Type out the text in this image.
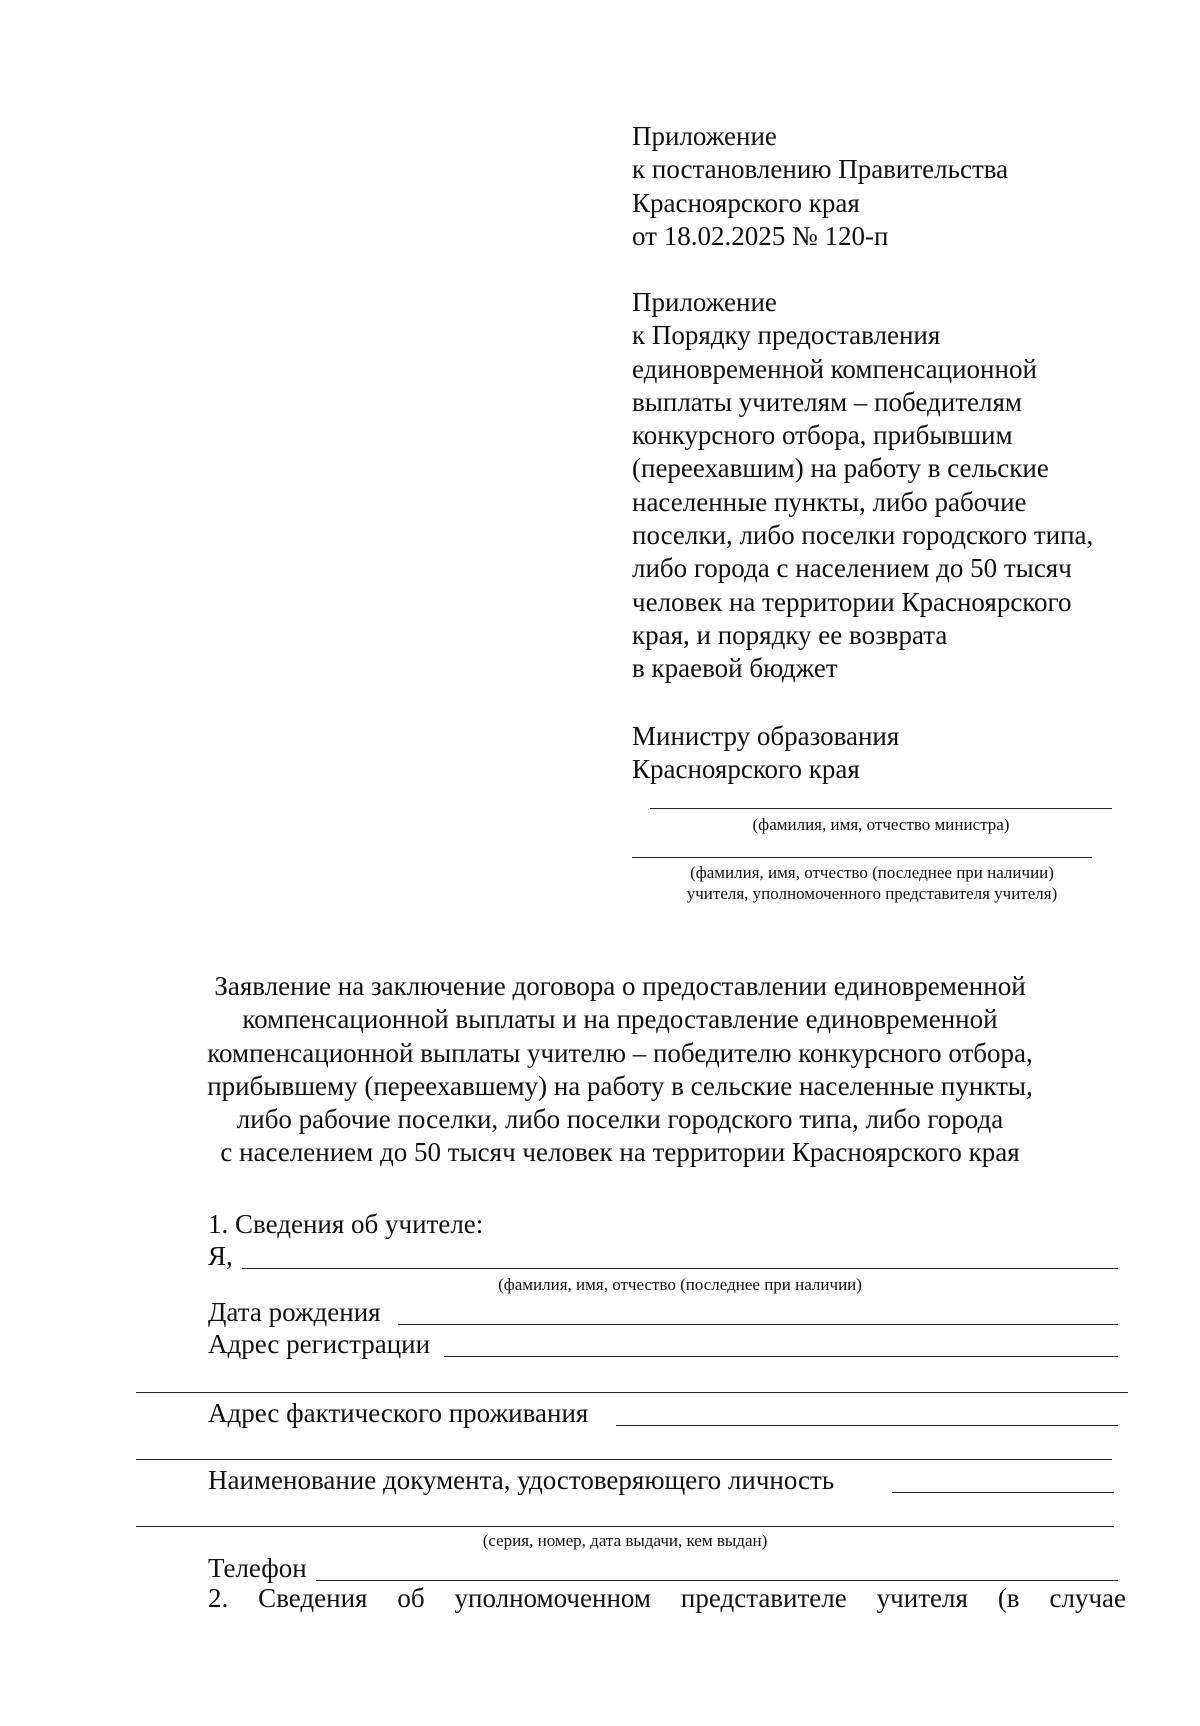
Приложение
к постановлению Правительства
Красноярского края
от 18.02.2025 № 120-п
Приложение
к Порядку предоставления
единовременной компенсационной
выплаты учителям – победителям
конкурсного отбора, прибывшим
(переехавшим) на работу в сельские
населенные пункты, либо рабочие
поселки, либо поселки городского типа,
либо города с населением до 50 тысяч
человек на территории Красноярского
края, и порядку ее возврата
в краевой бюджет
Министру образования
Красноярского края
(фамилия, имя, отчество министра)
(фамилия, имя, отчество (последнее при наличии)
учителя, уполномоченного представителя учителя)
Заявление на заключение договора о предоставлении единовременной
компенсационной выплаты и на предоставление единовременной
компенсационной выплаты учителю – победителю конкурсного отбора,
прибывшему (переехавшему) на работу в сельские населенные пункты,
либо рабочие поселки, либо поселки городского типа, либо города
с населением до 50 тысяч человек на территории Красноярского края
1. Сведения об учителе:
Я,
(фамилия, имя, отчество (последнее при наличии)
Дата рождения
Адрес регистрации
Адрес фактического проживания
Наименование документа, удостоверяющего личность
(серия, номер, дата выдачи, кем выдан)
Телефон
2. Сведения об уполномоченном представителе учителя (в случае
